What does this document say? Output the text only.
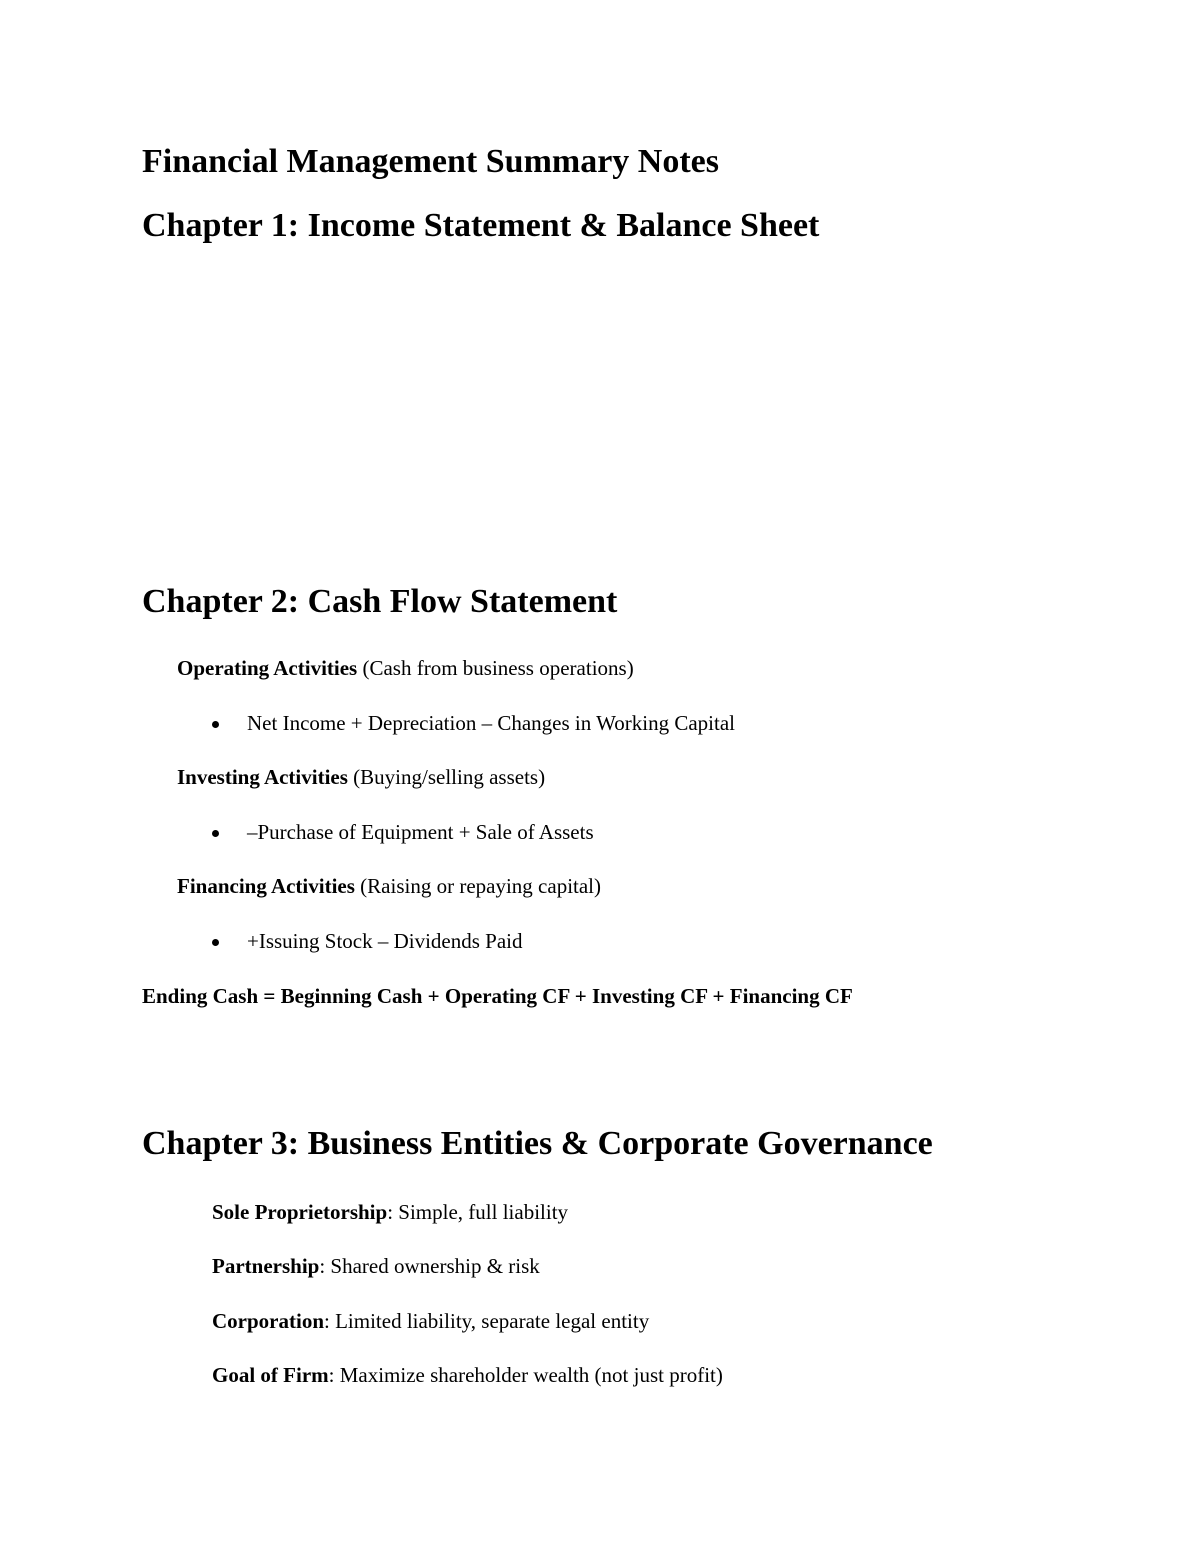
Financial Management Summary Notes
Chapter 1: Income Statement & Balance Sheet
Chapter 2: Cash Flow Statement
Operating Activities (Cash from business operations)
Net Income + Depreciation – Changes in Working Capital
Investing Activities (Buying/selling assets)
–Purchase of Equipment + Sale of Assets
Financing Activities (Raising or repaying capital)
+Issuing Stock – Dividends Paid
Ending Cash = Beginning Cash + Operating CF + Investing CF + Financing CF
Chapter 3: Business Entities & Corporate Governance
Sole Proprietorship: Simple, full liability
Partnership: Shared ownership & risk
Corporation: Limited liability, separate legal entity
Goal of Firm: Maximize shareholder wealth (not just profit)
